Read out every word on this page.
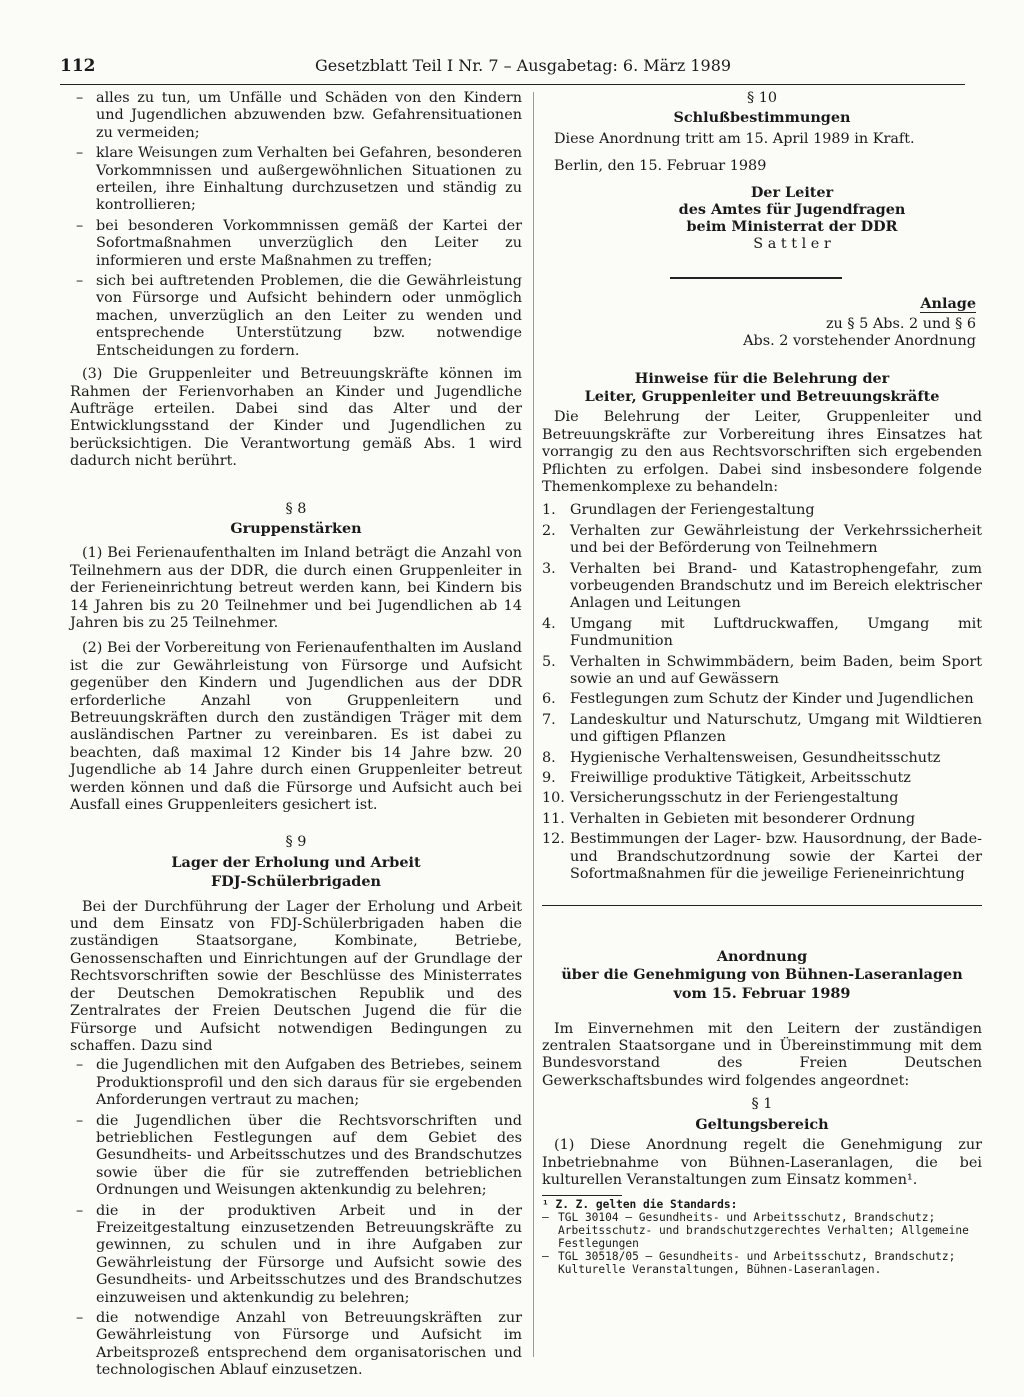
112	Gesetzblatt Teil I Nr. 7 – Ausgabetag: 6. März 1989
– alles zu tun, um Unfälle und Schäden von den Kindern und Jugendlichen abzuwenden bzw. Gefahrensituationen zu vermeiden;
– klare Weisungen zum Verhalten bei Gefahren, besonderen Vorkommnissen und außergewöhnlichen Situationen zu erteilen, ihre Einhaltung durchzusetzen und ständig zu kontrollieren;
– bei besonderen Vorkommnissen gemäß der Kartei der Sofortmaßnahmen unverzüglich den Leiter zu informieren und erste Maßnahmen zu treffen;
– sich bei auftretenden Problemen, die die Gewährleistung von Fürsorge und Aufsicht behindern oder unmöglich machen, unverzüglich an den Leiter zu wenden und entsprechende Unterstützung bzw. notwendige Entscheidungen zu fordern.

(3) Die Gruppenleiter und Betreuungskräfte können im Rahmen der Ferienvorhaben an Kinder und Jugendliche Aufträge erteilen. Dabei sind das Alter und der Entwicklungsstand der Kinder und Jugendlichen zu berücksichtigen. Die Verantwortung gemäß Abs. 1 wird dadurch nicht berührt.

§ 8

Gruppenstärken

(1) Bei Ferienaufenthalten im Inland beträgt die Anzahl von Teilnehmern aus der DDR, die durch einen Gruppenleiter in der Ferieneinrichtung betreut werden kann, bei Kindern bis 14 Jahren bis zu 20 Teilnehmer und bei Jugendlichen ab 14 Jahren bis zu 25 Teilnehmer.

(2) Bei der Vorbereitung von Ferienaufenthalten im Ausland ist die zur Gewährleistung von Fürsorge und Aufsicht gegenüber den Kindern und Jugendlichen aus der DDR erforderliche Anzahl von Gruppenleitern und Betreuungskräften durch den zuständigen Träger mit dem ausländischen Partner zu vereinbaren. Es ist dabei zu beachten, daß maximal 12 Kinder bis 14 Jahre bzw. 20 Jugendliche ab 14 Jahre durch einen Gruppenleiter betreut werden können und daß die Fürsorge und Aufsicht auch bei Ausfall eines Gruppenleiters gesichert ist.

§ 9

Lager der Erholung und Arbeit

FDJ-Schülerbrigaden

Bei der Durchführung der Lager der Erholung und Arbeit und dem Einsatz von FDJ-Schülerbrigaden haben die zuständigen Staatsorgane, Kombinate, Betriebe, Genossenschaften und Einrichtungen auf der Grundlage der Rechtsvorschriften sowie der Beschlüsse des Ministerrates der Deutschen Demokratischen Republik und des Zentralrates der Freien Deutschen Jugend die für die Fürsorge und Aufsicht notwendigen Bedingungen zu schaffen. Dazu sind

– die Jugendlichen mit den Aufgaben des Betriebes, seinem Produktionsprofil und den sich daraus für sie ergebenden Anforderungen vertraut zu machen;
– die Jugendlichen über die Rechtsvorschriften und betrieblichen Festlegungen auf dem Gebiet des Gesundheits- und Arbeitsschutzes und des Brandschutzes sowie über die für sie zutreffenden betrieblichen Ordnungen und Weisungen aktenkundig zu belehren;
– die in der produktiven Arbeit und in der Freizeitgestaltung einzusetzenden Betreuungskräfte zu gewinnen, zu schulen und in ihre Aufgaben zur Gewährleistung der Fürsorge und Aufsicht sowie des Gesundheits- und Arbeitsschutzes und des Brandschutzes einzuweisen und aktenkundig zu belehren;
– die notwendige Anzahl von Betreuungskräften zur Gewährleistung von Fürsorge und Aufsicht im Arbeitsprozeß entsprechend dem organisatorischen und technologischen Ablauf einzusetzen.

§ 10

Schlußbestimmungen

Diese Anordnung tritt am 15. April 1989 in Kraft.

Berlin, den 15. Februar 1989

Der Leiter

des Amtes für Jugendfragen

beim Ministerrat der DDR

S a t t l e r

Anlage

zu § 5 Abs. 2 und § 6

Abs. 2 vorstehender Anordnung

Hinweise für die Belehrung der

Leiter, Gruppenleiter und Betreuungskräfte

Die Belehrung der Leiter, Gruppenleiter und Betreuungskräfte zur Vorbereitung ihres Einsatzes hat vorrangig zu den aus Rechtsvorschriften sich ergebenden Pflichten zu erfolgen. Dabei sind insbesondere folgende Themenkomplexe zu behandeln:

1. Grundlagen der Feriengestaltung
2. Verhalten zur Gewährleistung der Verkehrssicherheit und bei der Beförderung von Teilnehmern
3. Verhalten bei Brand- und Katastrophengefahr, zum vorbeugenden Brandschutz und im Bereich elektrischer Anlagen und Leitungen
4. Umgang mit Luftdruckwaffen, Umgang mit Fundmunition
5. Verhalten in Schwimmbädern, beim Baden, beim Sport sowie an und auf Gewässern
6. Festlegungen zum Schutz der Kinder und Jugendlichen
7. Landeskultur und Naturschutz, Umgang mit Wildtieren und giftigen Pflanzen
8. Hygienische Verhaltensweisen, Gesundheitsschutz
9. Freiwillige produktive Tätigkeit, Arbeitsschutz
10. Versicherungsschutz in der Feriengestaltung
11. Verhalten in Gebieten mit besonderer Ordnung
12. Bestimmungen der Lager- bzw. Hausordnung, der Bade- und Brandschutzordnung sowie der Kartei der Sofortmaßnahmen für die jeweilige Ferieneinrichtung

Anordnung

über die Genehmigung von Bühnen-Laseranlagen

vom 15. Februar 1989

Im Einvernehmen mit den Leitern der zuständigen zentralen Staatsorgane und in Übereinstimmung mit dem Bundesvorstand des Freien Deutschen Gewerkschaftsbundes wird folgendes angeordnet:

§ 1

Geltungsbereich

(1) Diese Anordnung regelt die Genehmigung zur Inbetriebnahme von Bühnen-Laseranlagen, die bei kulturellen Veranstaltungen zum Einsatz kommen¹.

¹ Z. Z. gelten die Standards:
– TGL 30104 – Gesundheits- und Arbeitsschutz, Brandschutz; Arbeitsschutz- und brandschutzgerechtes Verhalten; Allgemeine Festlegungen
– TGL 30518/05 – Gesundheits- und Arbeitsschutz, Brandschutz; Kulturelle Veranstaltungen, Bühnen-Laseranlagen.
